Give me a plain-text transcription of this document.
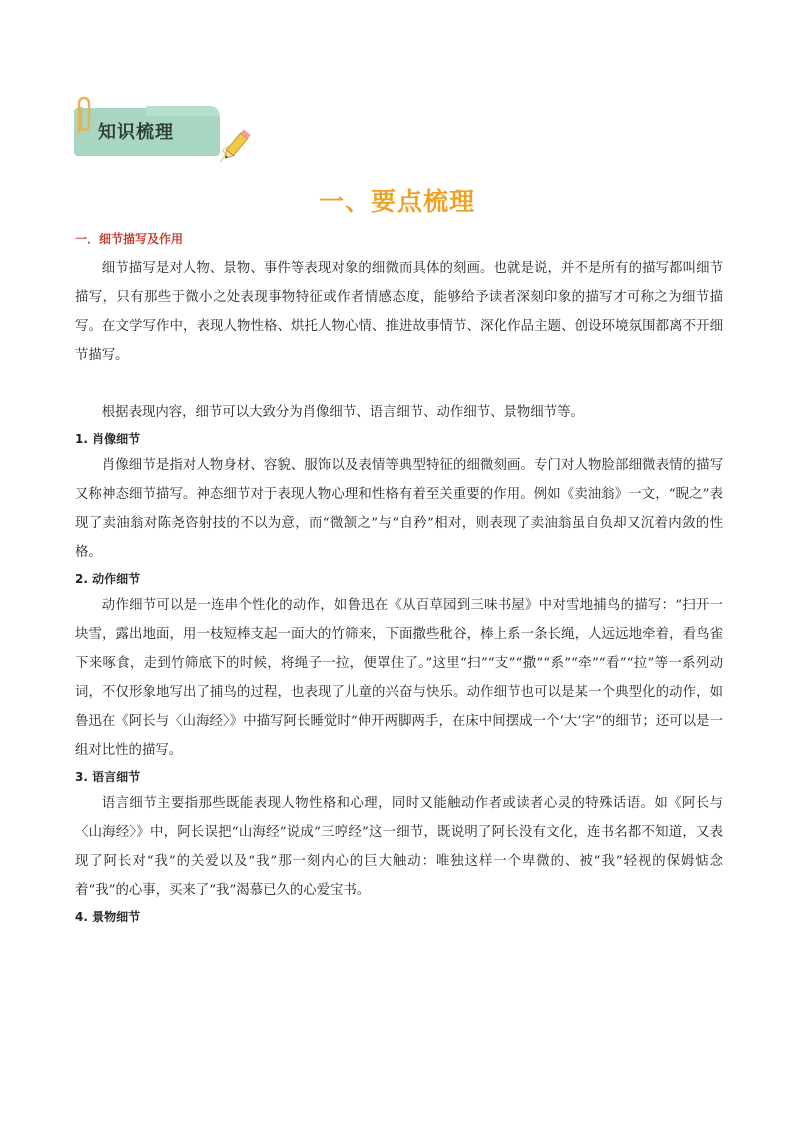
知识梳理
一、要点梳理

一．细节描写及作用

细节描写是对人物、景物、事件等表现对象的细微而具体的刻画。也就是说，并不是所有的描写都叫细节描写，只有那些于微小之处表现事物特征或作者情感态度，能够给予读者深刻印象的描写才可称之为细节描写。在文学写作中，表现人物性格、烘托人物心情、推进故事情节、深化作品主题、创设环境氛围都离不开细节描写。

根据表现内容，细节可以大致分为肖像细节、语言细节、动作细节、景物细节等。

1. 肖像细节

肖像细节是指对人物身材、容貌、服饰以及表情等典型特征的细微刻画。专门对人物脸部细微表情的描写又称神态细节描写。神态细节对于表现人物心理和性格有着至关重要的作用。例如《卖油翁》一文，“睨之”表现了卖油翁对陈尧咨射技的不以为意，而“微颔之”与“自矜”相对，则表现了卖油翁虽自负却又沉着内敛的性格。

2. 动作细节

动作细节可以是一连串个性化的动作，如鲁迅在《从百草园到三味书屋》中对雪地捕鸟的描写：“扫开一块雪，露出地面，用一枝短棒支起一面大的竹筛来，下面撒些秕谷，棒上系一条长绳，人远远地牵着，看鸟雀下来啄食，走到竹筛底下的时候，将绳子一拉，便罩住了。”这里“扫”“支”“撒”“系”“牵”“看”“拉”等一系列动词，不仅形象地写出了捕鸟的过程，也表现了儿童的兴奋与快乐。动作细节也可以是某一个典型化的动作，如鲁迅在《阿长与〈山海经〉》中描写阿长睡觉时“伸开两脚两手，在床中间摆成一个‘大’字”的细节；还可以是一组对比性的描写。

3. 语言细节

语言细节主要指那些既能表现人物性格和心理，同时又能触动作者或读者心灵的特殊话语。如《阿长与〈山海经〉》中，阿长误把“山海经”说成“三哼经”这一细节，既说明了阿长没有文化，连书名都不知道，又表现了阿长对“我”的关爱以及“我”那一刻内心的巨大触动：唯独这样一个卑微的、被“我”轻视的保姆惦念着“我”的心事，买来了“我”渴慕已久的心爱宝书。

4. 景物细节
